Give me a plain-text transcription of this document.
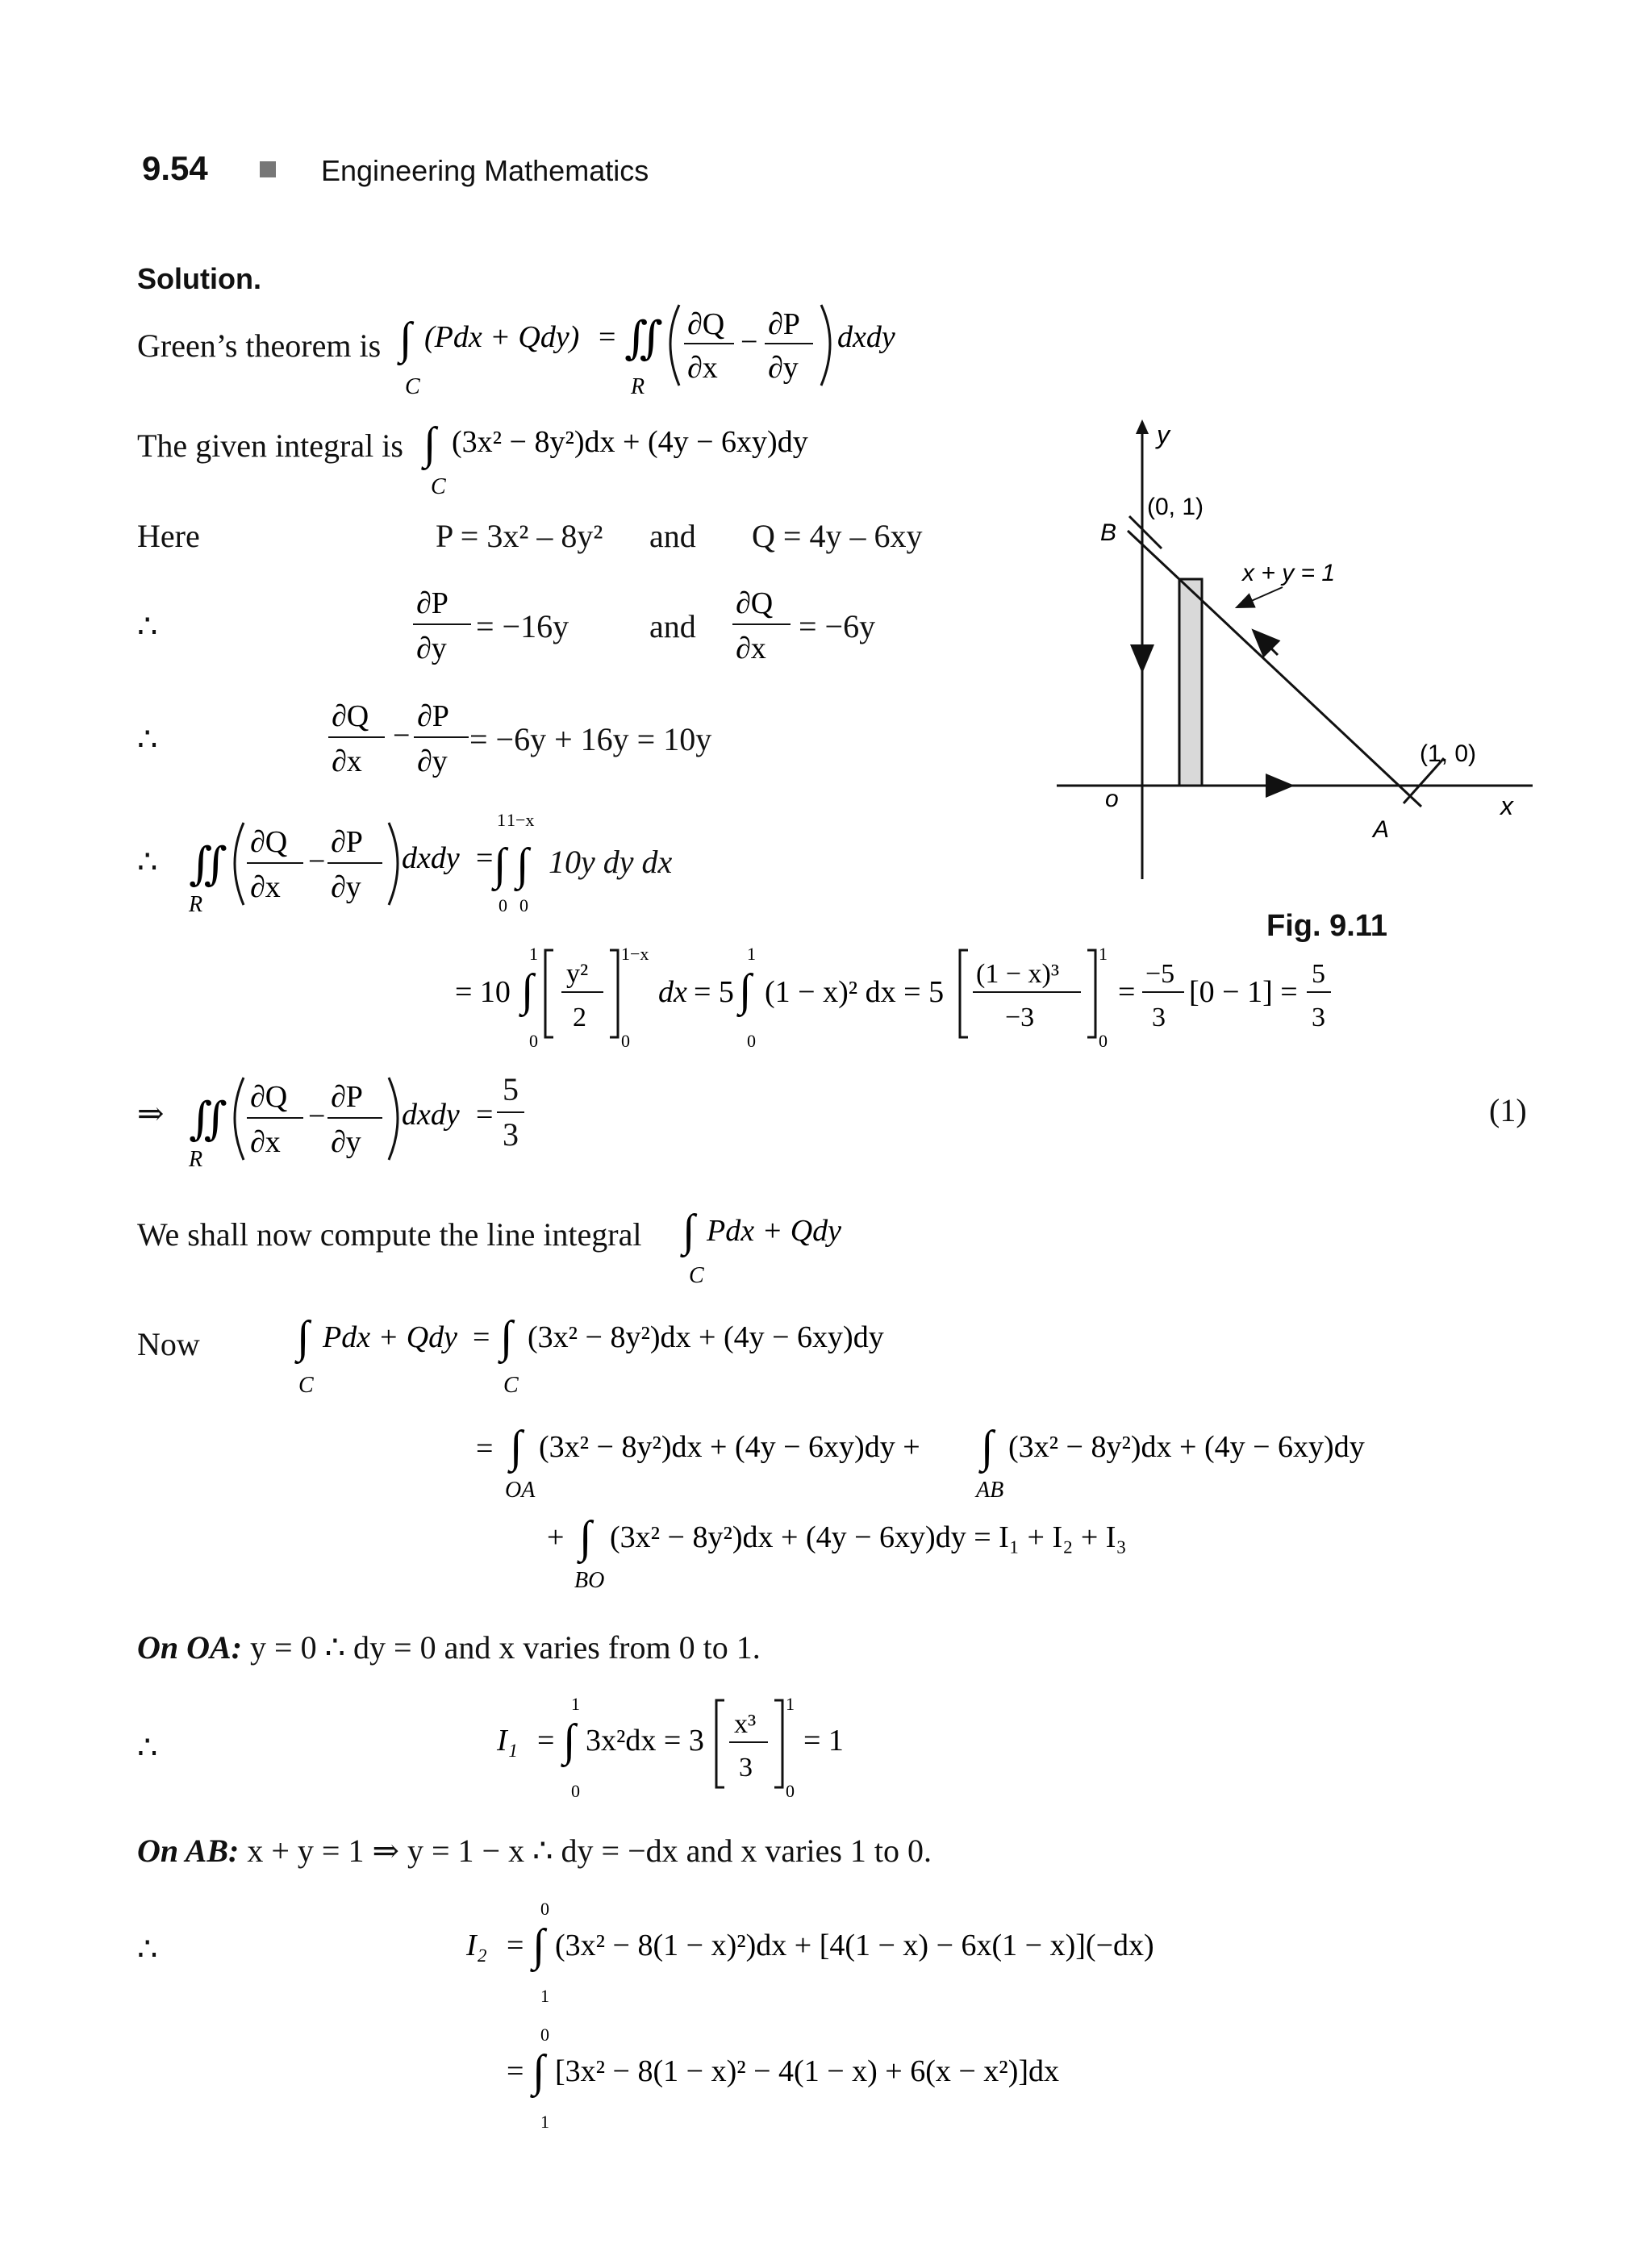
9.54	Engineering Mathematics
Solution.
Green’s theorem is ∫
C
(Pdx + Qdy) = ∬
R
∂Q
∂x
−
∂P
∂y
dxdy
The given integral is ∫
C
(3x² − 8y²)dx + (4y − 6xy)dy
Here	P = 3x² – 8y² and Q = 4y – 6xy
∴
∂P
∂y
= −16y and
∂Q
∂x
= −6y
∴
∂Q
∂x
−
∂P
∂y
= −6y + 16y = 10y
∴ ∬
R
∂Q
∂x
−
∂P
∂y
dxdy =
1 1−x
∫ ∫
0 0
10y dy dx
= 10 ∫
1
0
y²
2
1−x
0
dx = 5 ∫
1
0
(1 − x)² dx = 5
(1 − x)³
−3
1
0
=
−5
3
[0 − 1] =
5
3
⇒ ∬
R
∂Q
∂x
−
∂P
∂y
dxdy =
5
3
(1)
We shall now compute the line integral ∫
C
Pdx + Qdy
Now ∫
C
Pdx + Qdy = ∫
C
(3x² − 8y²)dx + (4y − 6xy)dy
= ∫
OA
(3x² − 8y²)dx + (4y − 6xy)dy + ∫
AB
(3x² − 8y²)dx + (4y − 6xy)dy
+ ∫
BO
(3x² − 8y²)dx + (4y − 6xy)dy = I₁ + I₂ + I₃
On OA: y = 0 ∴ dy = 0 and x varies from 0 to 1.
∴	I₁ = ∫
1
0
3x²dx = 3 x³
3
1
0
= 1
On AB: x + y = 1 ⇒ y = 1 − x ∴ dy = −dx and x varies 1 to 0.
∴	I₂ = ∫
0
1
(3x² − 8(1 − x)²)dx + [4(1 − x) − 6x(1 − x)](−dx)
= ∫
0
1
[3x² − 8(1 − x)² − 4(1 − x) + 6(x − x²)]dx
y
x
o
B
A
(0, 1)
(1, 0)
x + y = 1
Fig. 9.11
